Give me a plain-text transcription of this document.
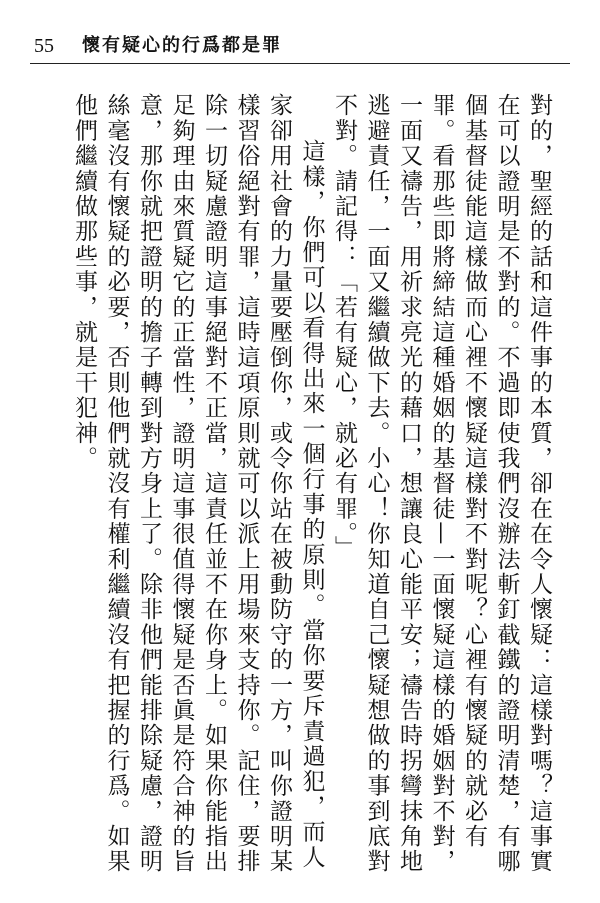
55 懷有疑心的行爲都是罪

對的，聖經的話和這件事的本質，卻在在令人懷疑：這樣對嗎？這事實在可以證明是不對的。不過即使我們沒辦法斬釘截鐵的證明清楚，有哪個基督徒能這樣做而心裡不懷疑這樣對不對呢？心裡有懷疑的就必有罪。看那些即將締結這種婚姻的基督徒—一面懷疑這樣的婚姻對不對，一面又禱告，用祈求亮光的藉口，想讓良心能平安；禱告時拐彎抹角地逃避責任，一面又繼續做下去。小心！你知道自己懷疑想做的事到底對不對。請記得：「若有疑心，就必有罪。」

這樣，你們可以看得出來一個行事的原則。當你要斥責過犯，而人家卻用社會的力量要壓倒你，或令你站在被動防守的一方，叫你證明某樣習俗絕對有罪，這時這項原則就可以派上用場來支持你。記住，要排除一切疑慮證明這事絕對不正當，這責任並不在你身上。如果你能指出足夠理由來質疑它的正當性，證明這事很值得懷疑是否眞是符合神的旨意，那你就把證明的擔子轉到對方身上了。除非他們能排除疑慮，證明絲毫沒有懷疑的必要，否則他們就沒有權利繼續沒有把握的行爲。如果他們繼續做那些事，就是干犯神。
